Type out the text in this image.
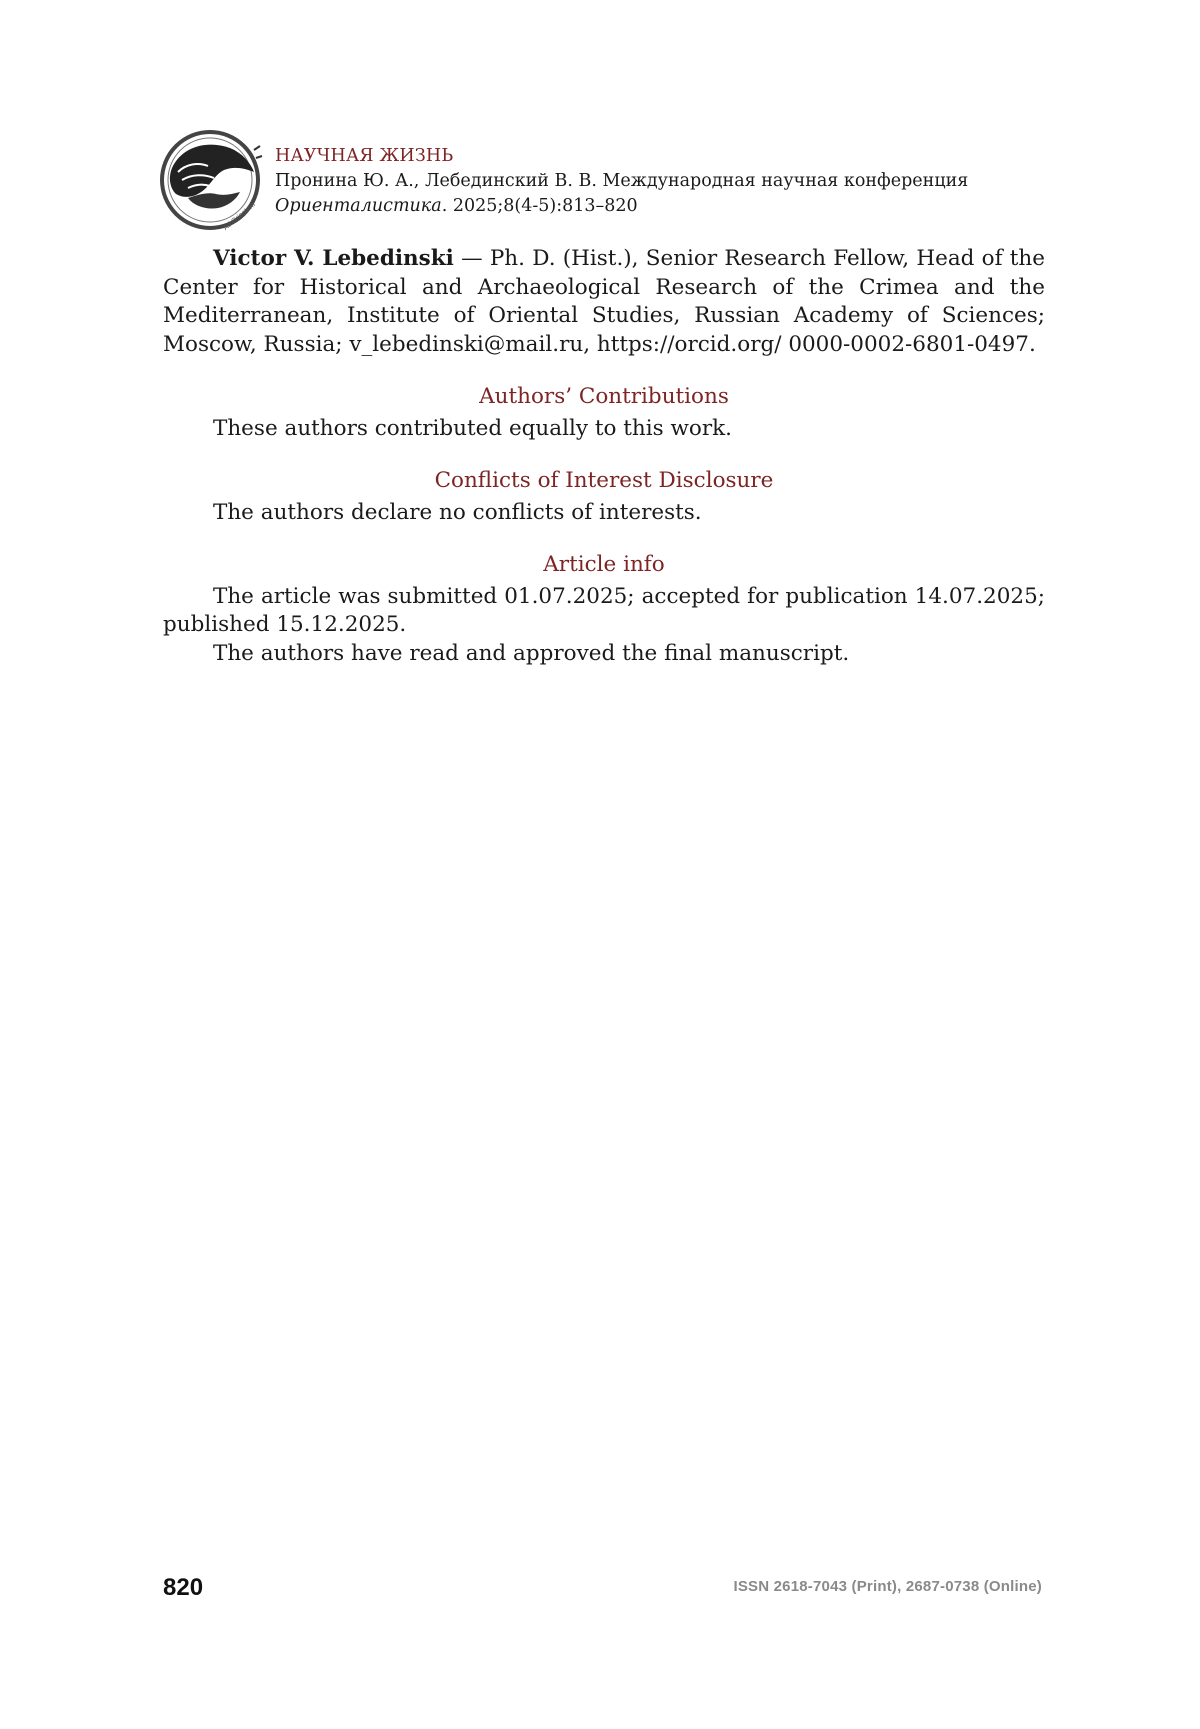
Ad Orientem
НАУЧНАЯ ЖИЗНЬ
Пронина Ю. А., Лебединский В. В. Международная научная конференция
Ориенталистика. 2025;8(4-5):813–820

Victor V. Lebedinski — Ph. D. (Hist.), Senior Research Fellow, Head of the Center for Historical and Archaeological Research of the Crimea and the Mediterranean, Institute of Oriental Studies, Russian Academy of Sciences; Moscow, Russia; v_lebedinski@mail.ru, https://orcid.org/ 0000-0002-6801-0497.

Authors’ Contributions

These authors contributed equally to this work.

Conflicts of Interest Disclosure

The authors declare no conflicts of interests.

Article info

The article was submitted 01.07.2025; accepted for publication 14.07.2025; published 15.12.2025.

The authors have read and approved the final manuscript.

820	ISSN 2618-7043 (Print), 2687-0738 (Online)
